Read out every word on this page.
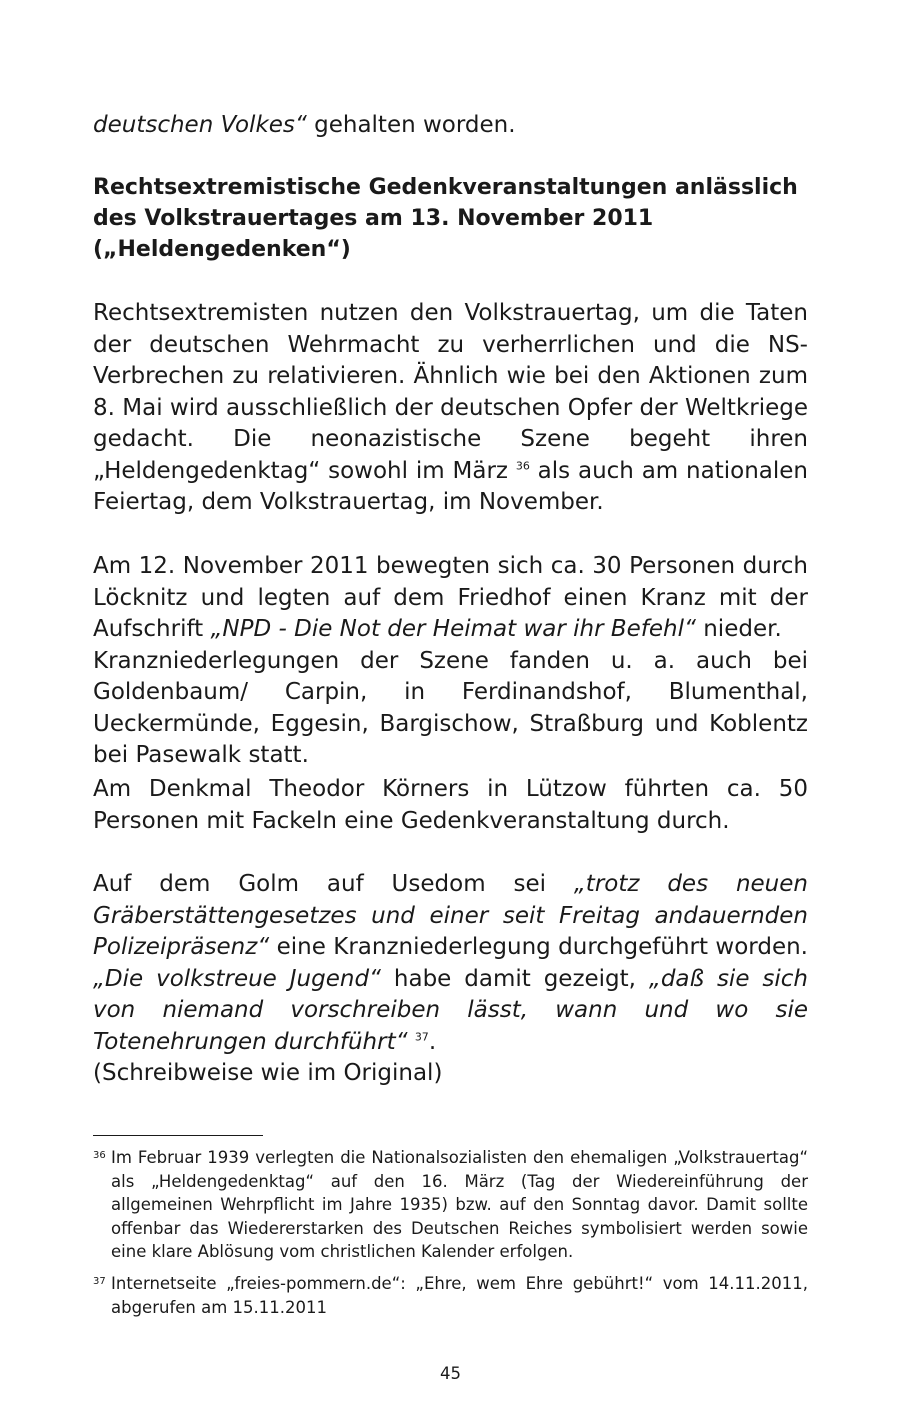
deutschen Volkes“ gehalten worden.

Rechtsextremistische Gedenkveranstaltungen anlässlich des Volkstrauertages am 13. November 2011 („Heldengedenken“)

Rechtsextremisten nutzen den Volkstrauertag, um die Taten der deutschen Wehrmacht zu verherrlichen und die NS-Verbrechen zu relativieren. Ähnlich wie bei den Aktionen zum 8. Mai wird ausschließlich der deutschen Opfer der Weltkriege gedacht. Die neonazistische Szene begeht ihren „Heldengedenktag“ sowohl im März $^{36}$ als auch am nationalen Feiertag, dem Volkstrauertag, im November.

Am 12. November 2011 bewegten sich ca. 30 Personen durch Löcknitz und legten auf dem Friedhof einen Kranz mit der Aufschrift „NPD - Die Not der Heimat war ihr Befehl“ nieder.
Kranzniederlegungen der Szene fanden u. a. auch bei Goldenbaum/ Carpin, in Ferdinandshof, Blumenthal, Ueckermünde, Eggesin, Bargischow, Straßburg und Koblentz bei Pasewalk statt.

Am Denkmal Theodor Körners in Lützow führten ca. 50 Personen mit Fackeln eine Gedenkveranstaltung durch.

Auf dem Golm auf Usedom sei „trotz des neuen Gräberstättengesetzes und einer seit Freitag andauernden Polizeipräsenz“ eine Kranzniederlegung durchgeführt worden. „Die volkstreue Jugend“ habe damit gezeigt, „daß sie sich von niemand vorschreiben lässt, wann und wo sie Totenehrungen durchführt“ $^{37}$.
(Schreibweise wie im Original)

36 Im Februar 1939 verlegten die Nationalsozialisten den ehemaligen „Volkstrauertag“ als „Heldengedenktag“ auf den 16. März (Tag der Wiedereinführung der allgemeinen Wehrpflicht im Jahre 1935) bzw. auf den Sonntag davor. Damit sollte offenbar das Wiedererstarken des Deutschen Reiches symbolisiert werden sowie eine klare Ablösung vom christlichen Kalender erfolgen.

37 Internetseite „freies-pommern.de“: „Ehre, wem Ehre gebührt!“ vom 14.11.2011, abgerufen am 15.11.2011

45
